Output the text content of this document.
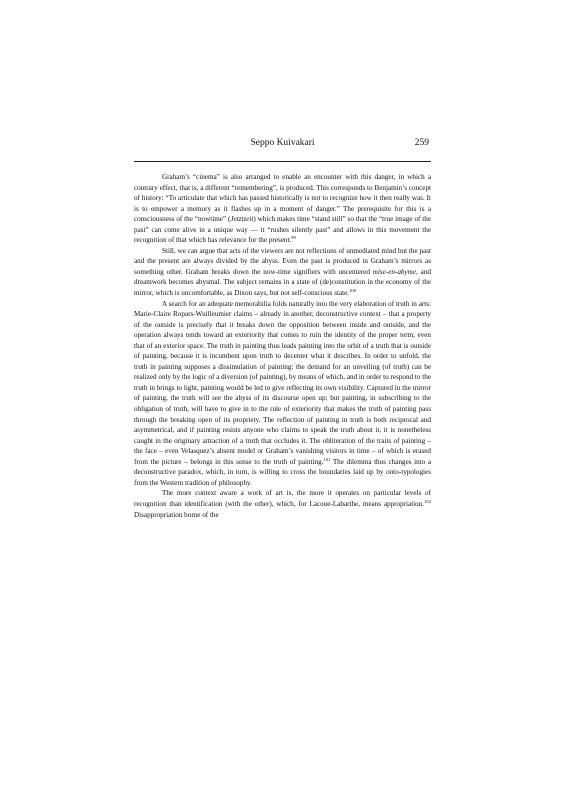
Seppo Kuivakari	259

Graham’s “cinema” is also arranged to enable an encounter with this danger, in which a contrary effect, that is, a different “remembering”, is produced. This corresponds to Benjamin’s concept of history: “To articulate that which has passed historically is not to recognize how it then really was. It is to empower a memory as it flashes up in a moment of danger.” The prerequisite for this is a consciousness of the “nowtime” (Jetztzeit) which makes time “stand still” so that the “true image of the past” can come alive in a unique way — it “rushes silently past” and allows in this movement the recognition of that which has relevance for the present.$^{99}$

Still, we can argue that acts of the viewers are not reflections of unmediated mind but the past and the present are always divided by the abyss. Even the past is produced in Graham’s mirrors as something other. Graham breaks down the now-time signifiers with uncentered mise-en-abyme, and dreamwork becomes abysmal. The subject remains in a state of (de)constitution in the economy of the mirror, which is uncomfortable, as Dixon says, but not self-conscious state.$^{100}$

A search for an adequate memorabilia folds naturally into the very elaboration of truth in arts: Marie-Claire Ropars-Wuilleumier claims – already in another, deconstructive context – that a property of the outside is precisely that it breaks down the opposition between inside and outside, and the operation always tends toward an exteriority that comes to ruin the identity of the proper term, even that of an exterior space. The truth in painting thus leads painting into the orbit of a truth that is outside of painting, because it is incumbent upon truth to decenter what it describes. In order to unfold, the truth in painting supposes a dissimulation of painting: the demand for an unveiling (of truth) can be realized only by the logic of a diversion (of painting), by means of which, and in order to respond to the truth in brings to light, painting would be led to give reflecting its own visibility. Captured in the mirror of painting, the truth will see the abyss of its discourse open up; but painting, in subscribing to the obligation of truth, will have to give in to the rule of exteriority that makes the truth of painting pass through the breaking open of its propriety. The reflection of painting in truth is both reciprocal and asymmetrical, and if painting resists anyone who claims to speak the truth about it, it is nonetheless caught in the originary attraction of a truth that occludes it. The obliteration of the traits of painting – the face – even Velasquez’s absent model or Graham’s vanishing visitors in time – of which is erased from the picture – belongs in this sense to the truth of painting.$^{101}$ The dilemma thus changes into a deconstructive paradox, which, in turn, is willing to cross the boundaries laid up by onto-typologies from the Western tradition of philosophy.

The more context aware a work of art is, the more it operates on particular levels of recognition than identification (with the other), which, for Lacoue-Labarthe, means appropriation.$^{102}$ Disappropriation borne of the
